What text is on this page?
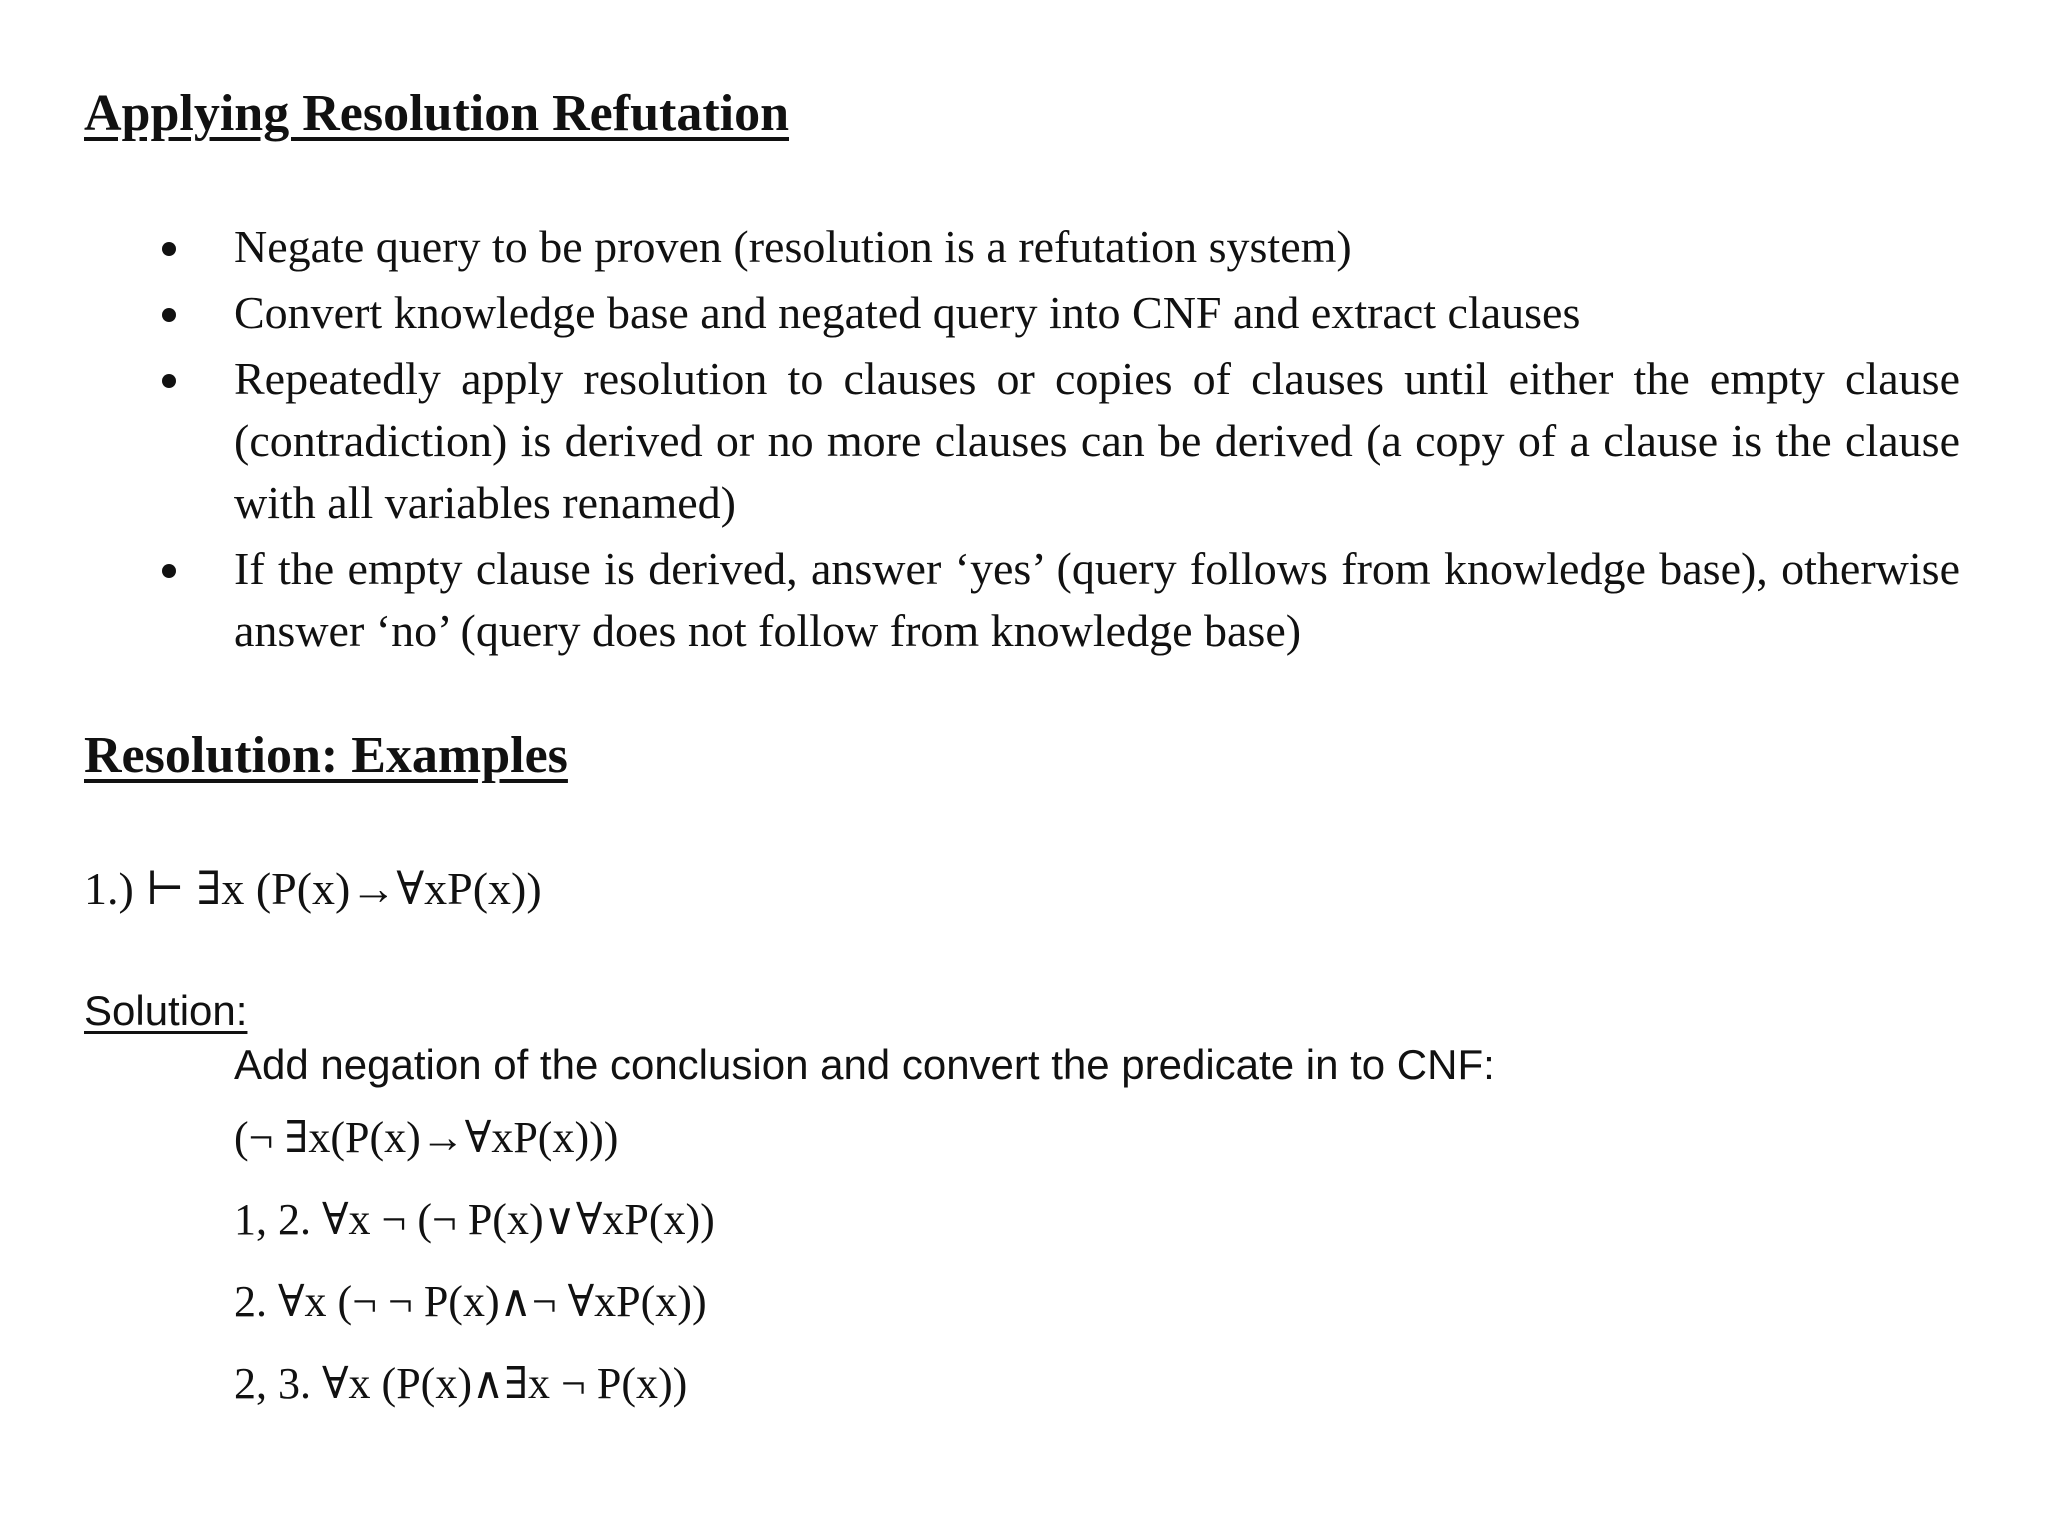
Applying Resolution Refutation
Negate query to be proven (resolution is a refutation system)
Convert knowledge base and negated query into CNF and extract clauses
Repeatedly apply resolution to clauses or copies of clauses until either the empty clause (contradiction) is derived or no more clauses can be derived (a copy of a clause is the clause with all variables renamed)
If the empty clause is derived, answer ‘yes’ (query follows from knowledge base), otherwise answer ‘no’ (query does not follow from knowledge base)
Resolution: Examples
1.) ⊢ ∃x (P(x)→∀xP(x))
Solution:
Add negation of the conclusion and convert the predicate in to CNF:
(¬ ∃x(P(x)→∀xP(x)))
1, 2. ∀x ¬ (¬ P(x)∨∀xP(x))
2. ∀x (¬ ¬ P(x)∧¬ ∀xP(x))
2, 3. ∀x (P(x)∧∃x ¬ P(x))
